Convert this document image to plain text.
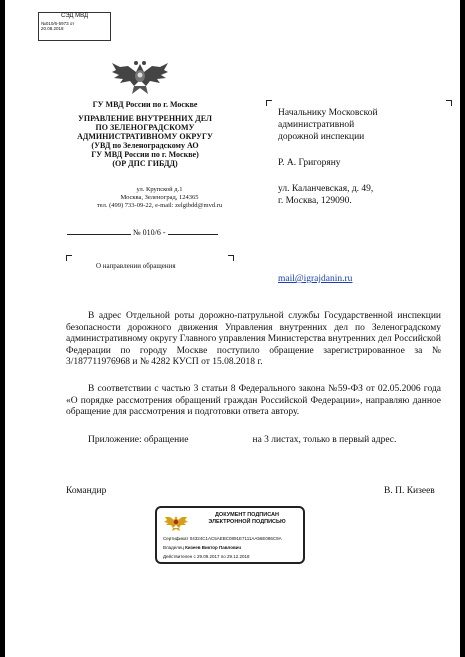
СЭД МВД
№010/6-5973 от
20.08.2018
ГУ МВД России по г. Москве
УПРАВЛЕНИЕ ВНУТРЕННИХ ДЕЛ
ПО ЗЕЛЕНОГРАДСКОМУ
АДМИНИСТРАТИВНОМУ ОКРУГУ
(УВД по Зеленоградскому АО
ГУ МВД России по г. Москве)
(ОР ДПС ГИБДД)
ул. Крупской д.1
Москва, Зеленоград, 124365
тел. (499) 733-09-22, e-mail: zelgibdd@mvd.ru
№ 010/6 -
О направлении обращения
Начальнику Московской
административной
дорожной инспекции
Р. А. Григоряну
ул. Каланчевская, д. 49,
г. Москва, 129090.
mail@igrajdanin.ru
В адрес Отдельной роты дорожно-патрульной службы Государственной инспекции безопасности дорожного движения Управления внутренних дел по Зеленоградскому административному округу Главного управления Министерства внутренних дел Российской Федерации по городу Москве поступило обращение зарегистрированное за № 3/187711976968 и № 4282 КУСП от 15.08.2018 г.
В соответствии с частью 3 статьи 8 Федерального закона №59-ФЗ от 02.05.2006 года «О порядке рассмотрения обращений граждан Российской Федерации», направляю данное обращение для рассмотрения и подготовки ответа автору.
Приложение: обращение	на 3 листах, только в первый адрес.
Командир	В. П. Кизеев
ДОКУМЕНТ ПОДПИСАН
ЭЛЕКТРОННОЙ ПОДПИСЬЮ
Сертификат 04324C1AC5AEBC0891E7111AA56E086C9A
Владелец Кизеев Виктор Павлович
Действителен с 29.09.2017 по 29.12.2018
